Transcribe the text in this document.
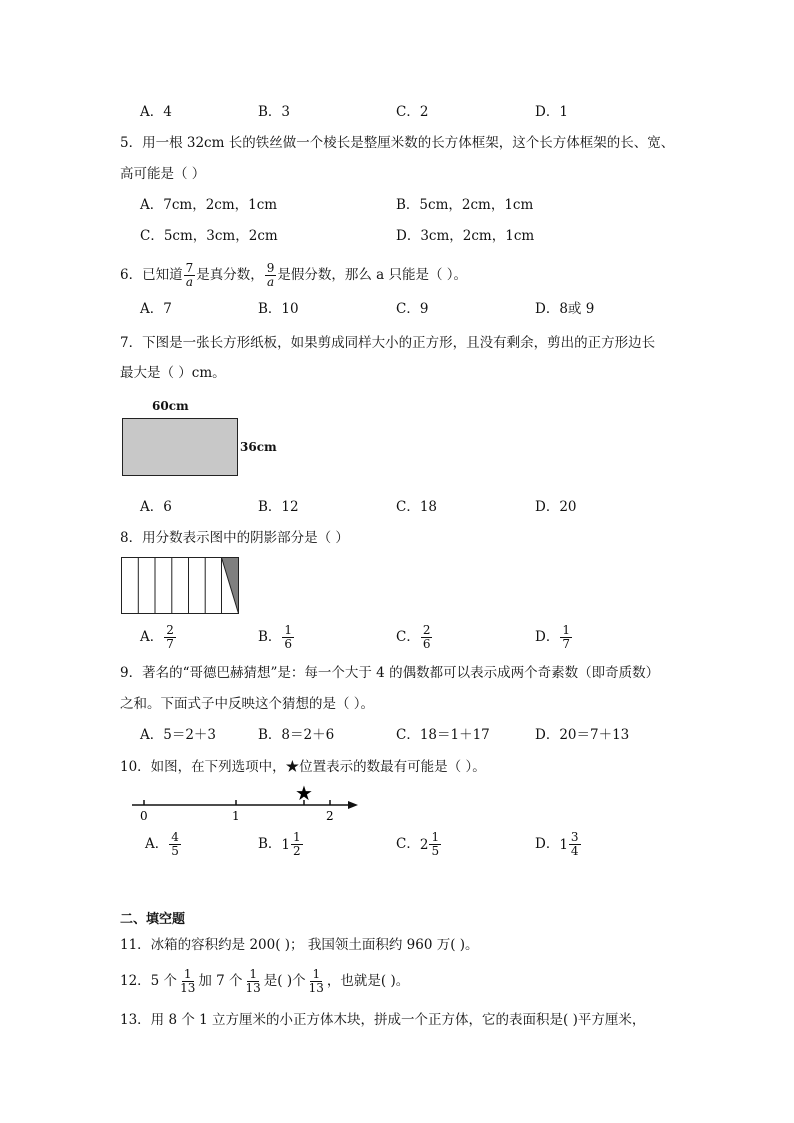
A．4	B．3	C．2	D．1
5．用一根 32cm 长的铁丝做一个棱长是整厘米数的长方体框架，这个长方体框架的长、宽、
高可能是（ ）
A．7cm，2cm，1cm	B．5cm，2cm，1cm
C．5cm，3cm，2cm	D．3cm，2cm，1cm
6．已知道 $\frac{7}{a}$ 是真分数， $\frac{9}{a}$ 是假分数，那么 a 只能是（ ）。
A．7	B．10	C．9	D．8或 9
7．下图是一张长方形纸板，如果剪成同样大小的正方形，且没有剩余，剪出的正方形边长
最大是（ ）cm。
60cm
36cm
A．6	B．12	C．18	D．20
8．用分数表示图中的阴影部分是（ ）
A． $\frac{2}{7}$	B． $\frac{1}{6}$	C． $\frac{2}{6}$	D． $\frac{1}{7}$
9．著名的“哥德巴赫猜想”是：每一个大于 4 的偶数都可以表示成两个奇素数（即奇质数）
之和。下面式子中反映这个猜想的是（ ）。
A．5＝2＋3	B．8＝2＋6	C．18＝1＋17	D．20＝7＋13
10．如图，在下列选项中，★位置表示的数最有可能是（ ）。
0	1	2
★
A． $\frac{4}{5}$	B． $1 \frac{1}{2}$	C． $2 \frac{1}{5}$	D． $1 \frac{3}{4}$
二、填空题
11．冰箱的容积约是 200( )； 我国领土面积约 960 万( )。
12．5 个 $\frac{1}{13}$ 加 7 个 $\frac{1}{13}$ 是( )个 $\frac{1}{13}$ ，也就是( )。
13．用 8 个 1 立方厘米的小正方体木块，拼成一个正方体，它的表面积是( )平方厘米，
